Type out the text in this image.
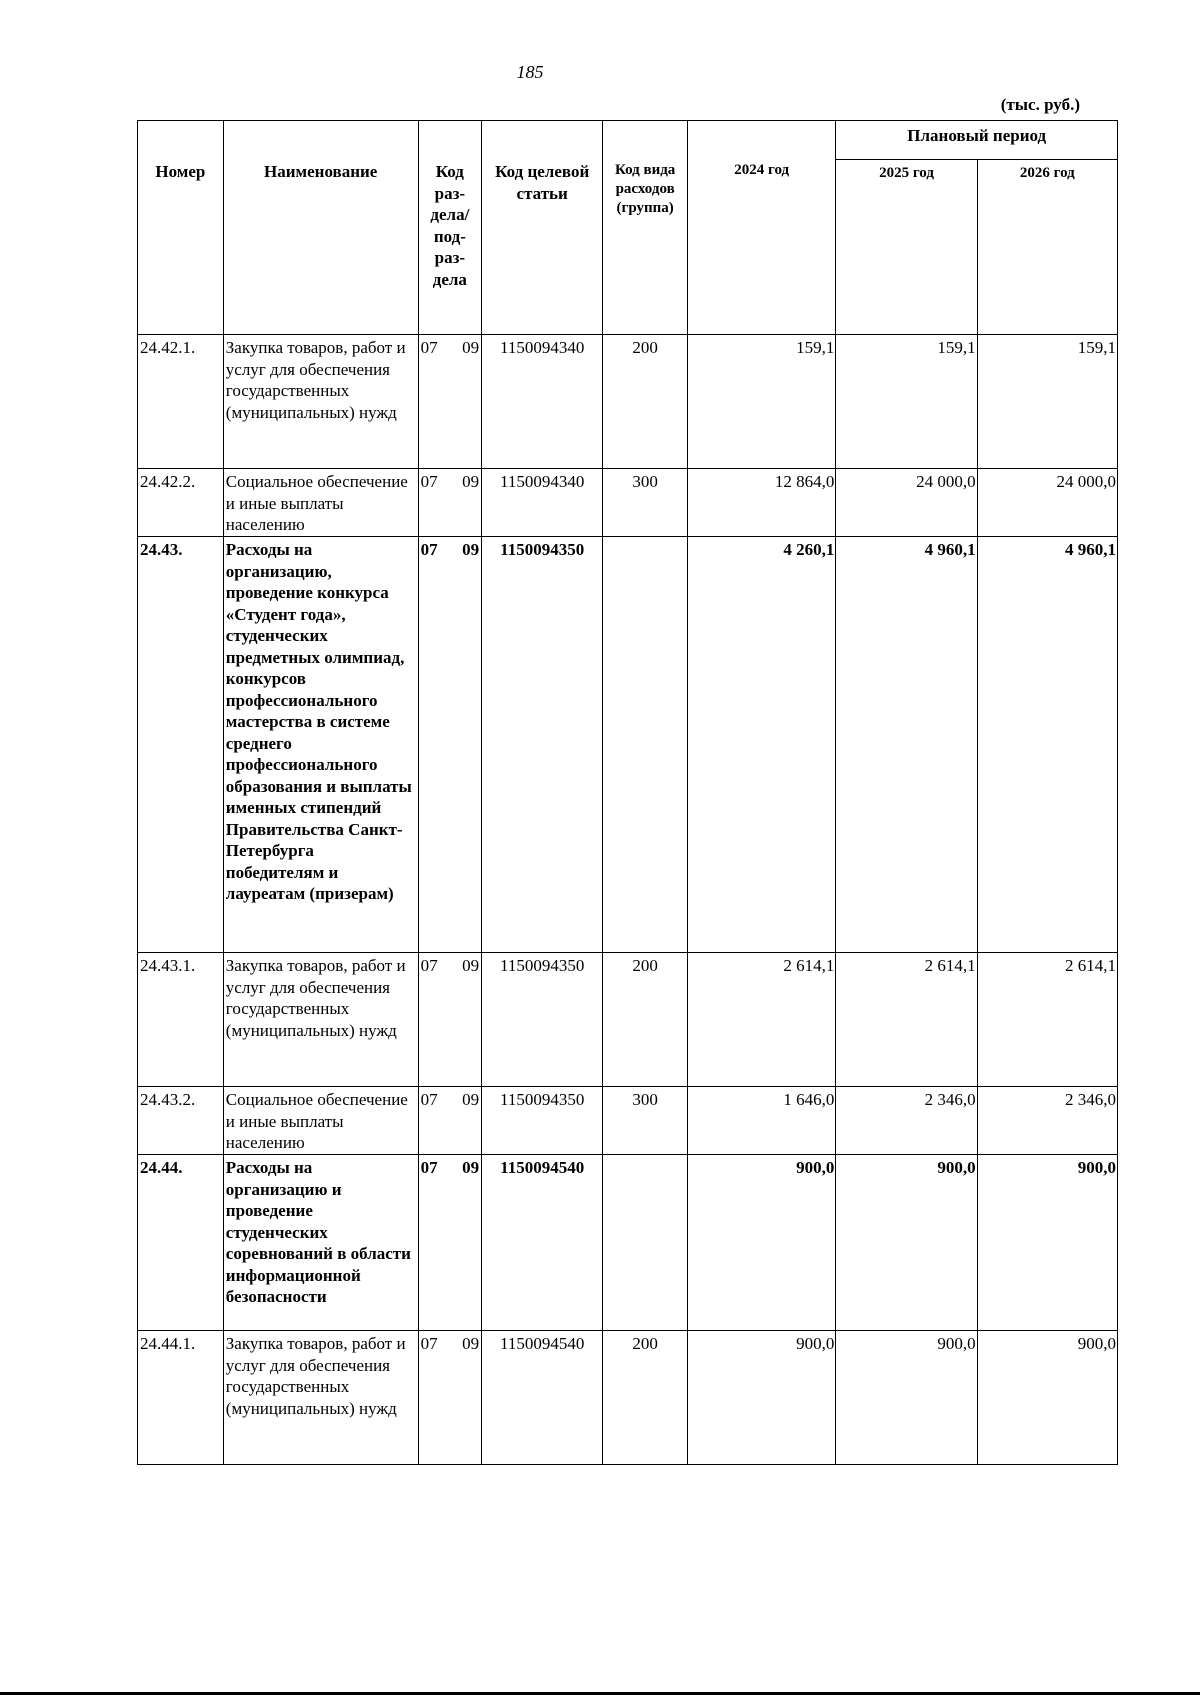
185
(тыс. руб.)
Номер	Наименование	Код раз-дела/ под-раз-дела	Код целевой статьи	Код вида расходов (группа)	2024 год	Плановый период	
						2025 год	2026 год
24.42.1.	Закупка товаров, работ и услуг для обеспечения государственных (муниципальных) нужд	07 09	1150094340	200	159,1	159,1	159,1
24.42.2.	Социальное обеспечение и иные выплаты населению	07 09	1150094340	300	12 864,0	24 000,0	24 000,0
24.43.	Расходы на организацию, проведение конкурса «Студент года», студенческих предметных олимпиад, конкурсов профессионального мастерства в системе среднего профессионального образования и выплаты именных стипендий Правительства Санкт-Петербурга победителям и лауреатам (призерам)	07 09	1150094350		4 260,1	4 960,1	4 960,1
24.43.1.	Закупка товаров, работ и услуг для обеспечения государственных (муниципальных) нужд	07 09	1150094350	200	2 614,1	2 614,1	2 614,1
24.43.2.	Социальное обеспечение и иные выплаты населению	07 09	1150094350	300	1 646,0	2 346,0	2 346,0
24.44.	Расходы на организацию и проведение студенческих соревнований в области информационной безопасности	07 09	1150094540		900,0	900,0	900,0
24.44.1.	Закупка товаров, работ и услуг для обеспечения государственных (муниципальных) нужд	07 09	1150094540	200	900,0	900,0	900,0
